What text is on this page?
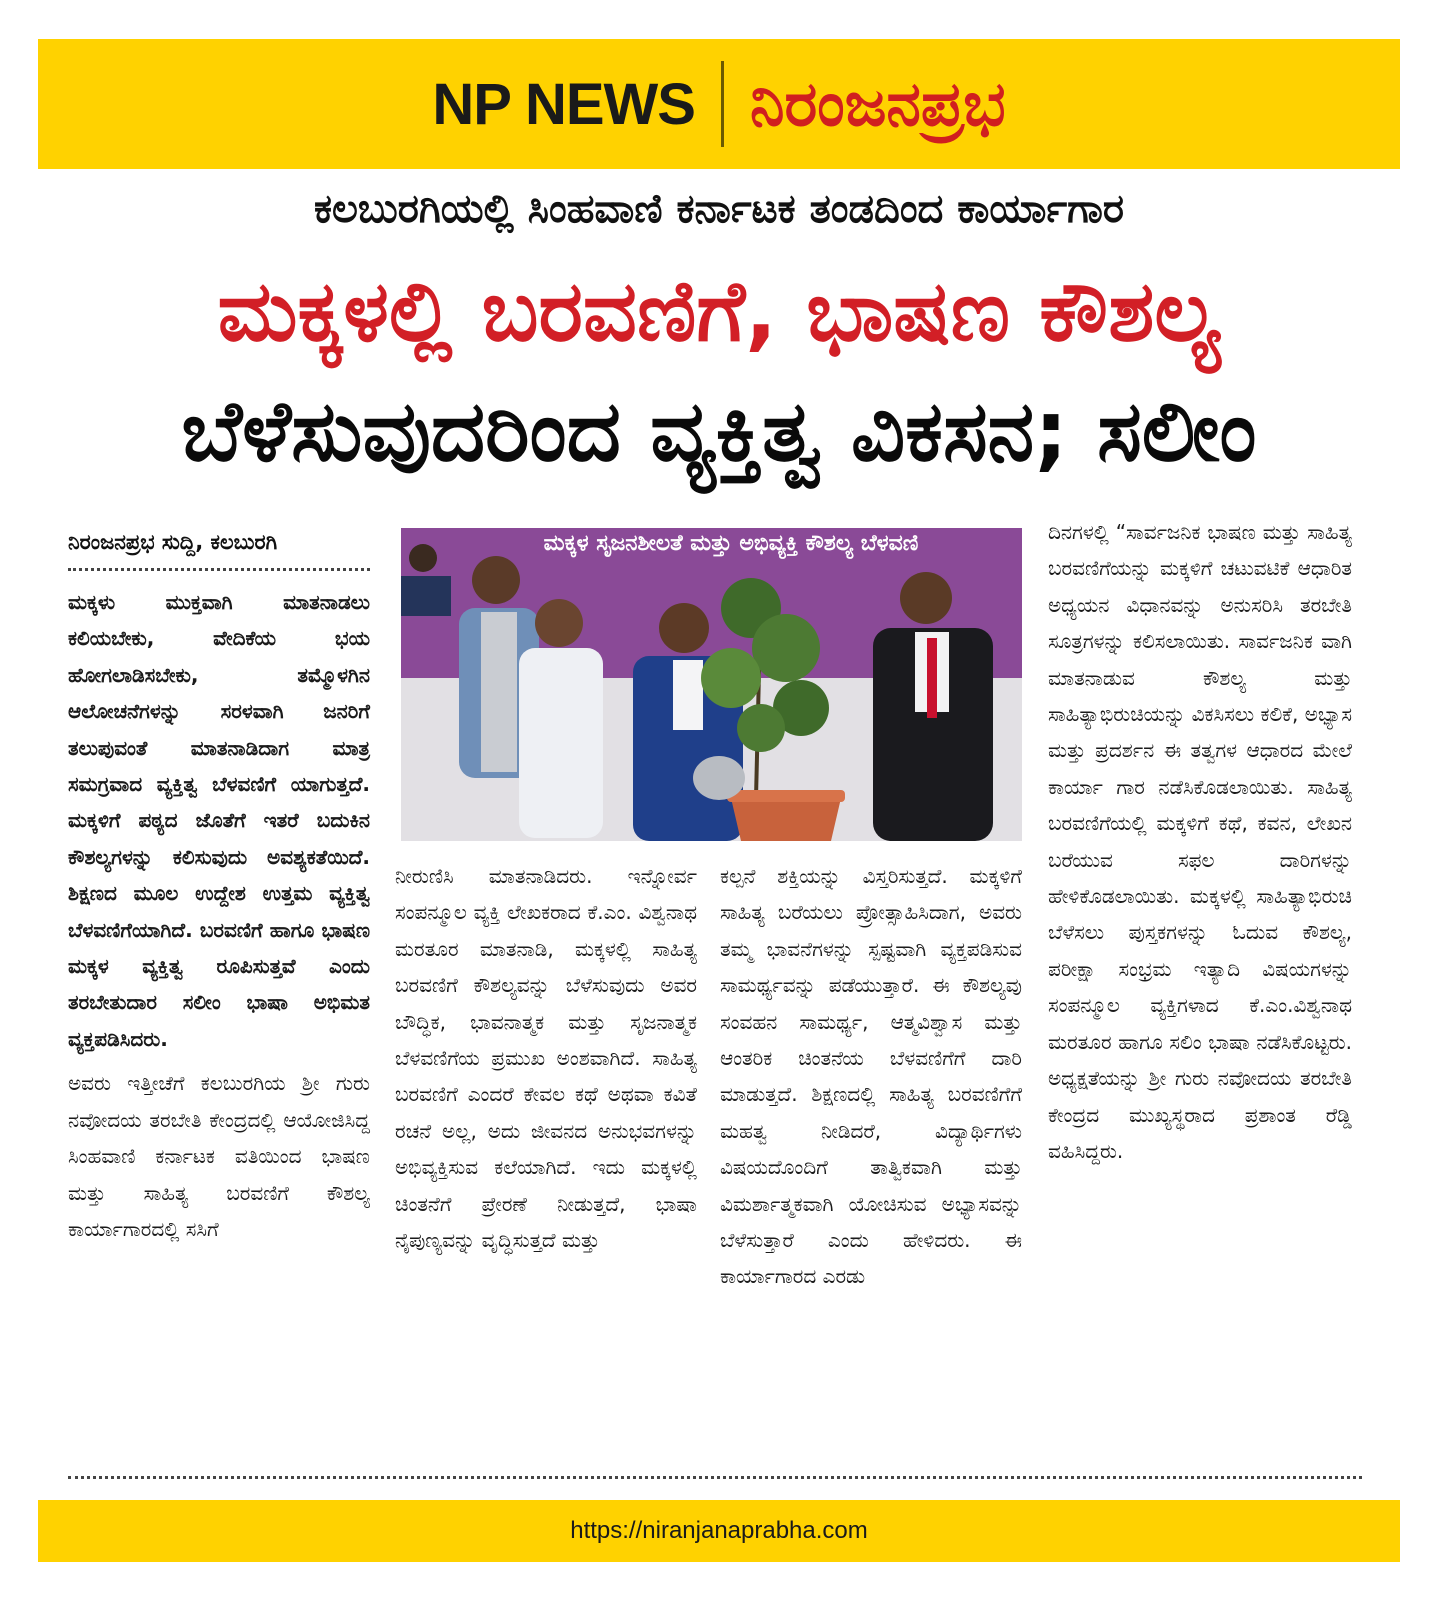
NP NEWS ನಿರಂಜನಪ್ರಭ
ಕಲಬುರಗಿಯಲ್ಲಿ ಸಿಂಹವಾಣಿ ಕರ್ನಾಟಕ ತಂಡದಿಂದ ಕಾರ್ಯಾಗಾರ
ಮಕ್ಕಳಲ್ಲಿ ಬರವಣಿಗೆ, ಭಾಷಣ ಕೌಶಲ್ಯ
ಬೆಳೆಸುವುದರಿಂದ ವ್ಯಕ್ತಿತ್ವ ವಿಕಸನ; ಸಲೀಂ
ನಿರಂಜನಪ್ರಭ ಸುದ್ದಿ, ಕಲಬುರಗಿ

ಮಕ್ಕಳು ಮುಕ್ತವಾಗಿ ಮಾತನಾಡಲು ಕಲಿಯಬೇಕು, ವೇದಿಕೆಯ ಭಯ ಹೋಗಲಾಡಿಸಬೇಕು, ತಮ್ಮೊಳಗಿನ ಆಲೋಚನೆಗಳನ್ನು ಸರಳವಾಗಿ ಜನರಿಗೆ ತಲುಪುವಂತೆ ಮಾತನಾಡಿದಾಗ ಮಾತ್ರ ಸಮಗ್ರವಾದ ವ್ಯಕ್ತಿತ್ವ ಬೆಳವಣಿಗೆ ಯಾಗುತ್ತದೆ. ಮಕ್ಕಳಿಗೆ ಪಠ್ಯದ ಜೊತೆಗೆ ಇತರೆ ಬದುಕಿನ ಕೌಶಲ್ಯಗಳನ್ನು ಕಲಿಸುವುದು ಅವಶ್ಯಕತೆಯಿದೆ. ಶಿಕ್ಷಣದ ಮೂಲ ಉದ್ದೇಶ ಉತ್ತಮ ವ್ಯಕ್ತಿತ್ವ ಬೆಳವಣಿಗೆಯಾಗಿದೆ. ಬರವಣಿಗೆ ಹಾಗೂ ಭಾಷಣ ಮಕ್ಕಳ ವ್ಯಕ್ತಿತ್ವ ರೂಪಿಸುತ್ತವೆ ಎಂದು ತರಬೇತುದಾರ ಸಲೀಂ ಭಾಷಾ ಅಭಿಮತ ವ್ಯಕ್ತಪಡಿಸಿದರು.

ಅವರು ಇತ್ತೀಚೆಗೆ ಕಲಬುರಗಿಯ ಶ್ರೀ ಗುರು ನವೋದಯ ತರಬೇತಿ ಕೇಂದ್ರದಲ್ಲಿ ಆಯೋಜಿಸಿದ್ದ ಸಿಂಹವಾಣಿ ಕರ್ನಾಟಕ ವತಿಯಿಂದ ಭಾಷಣ ಮತ್ತು ಸಾಹಿತ್ಯ ಬರವಣಿಗೆ ಕೌಶಲ್ಯ ಕಾರ್ಯಾಗಾರದಲ್ಲಿ ಸಸಿಗೆ

ಮಕ್ಕಳ ಸೃಜನಶೀಲತೆ ಮತ್ತು ಅಭಿವ್ಯಕ್ತಿ ಕೌಶಲ್ಯ ಬೆಳವಣಿ

ನೀರುಣಿಸಿ ಮಾತನಾಡಿದರು. ಇನ್ನೋರ್ವ ಸಂಪನ್ಮೂಲ ವ್ಯಕ್ತಿ ಲೇಖಕರಾದ ಕೆ.ಎಂ. ವಿಶ್ವನಾಥ ಮರತೂರ ಮಾತನಾಡಿ, ಮಕ್ಕಳಲ್ಲಿ ಸಾಹಿತ್ಯ ಬರವಣಿಗೆ ಕೌಶಲ್ಯವನ್ನು ಬೆಳೆಸುವುದು ಅವರ ಬೌದ್ಧಿಕ, ಭಾವನಾತ್ಮಕ ಮತ್ತು ಸೃಜನಾತ್ಮಕ ಬೆಳವಣಿಗೆಯ ಪ್ರಮುಖ ಅಂಶವಾಗಿದೆ. ಸಾಹಿತ್ಯ ಬರವಣಿಗೆ ಎಂದರೆ ಕೇವಲ ಕಥೆ ಅಥವಾ ಕವಿತೆ ರಚನೆ ಅಲ್ಲ, ಅದು ಜೀವನದ ಅನುಭವಗಳನ್ನು ಅಭಿವ್ಯಕ್ತಿಸುವ ಕಲೆಯಾಗಿದೆ. ಇದು ಮಕ್ಕಳಲ್ಲಿ ಚಿಂತನೆಗೆ ಪ್ರೇರಣೆ ನೀಡುತ್ತದೆ, ಭಾಷಾ ನೈಪುಣ್ಯವನ್ನು ವೃದ್ಧಿಸುತ್ತದೆ ಮತ್ತು

ಕಲ್ಪನೆ ಶಕ್ತಿಯನ್ನು ವಿಸ್ತರಿಸುತ್ತದೆ. ಮಕ್ಕಳಿಗೆ ಸಾಹಿತ್ಯ ಬರೆಯಲು ಪ್ರೋತ್ಸಾಹಿಸಿದಾಗ, ಅವರು ತಮ್ಮ ಭಾವನೆಗಳನ್ನು ಸ್ಪಷ್ಟವಾಗಿ ವ್ಯಕ್ತಪಡಿಸುವ ಸಾಮರ್ಥ್ಯವನ್ನು ಪಡೆಯುತ್ತಾರೆ. ಈ ಕೌಶಲ್ಯವು ಸಂವಹನ ಸಾಮರ್ಥ್ಯ, ಆತ್ಮವಿಶ್ವಾಸ ಮತ್ತು ಆಂತರಿಕ ಚಿಂತನೆಯ ಬೆಳವಣಿಗೆಗೆ ದಾರಿ ಮಾಡುತ್ತದೆ. ಶಿಕ್ಷಣದಲ್ಲಿ ಸಾಹಿತ್ಯ ಬರವಣಿಗೆಗೆ ಮಹತ್ವ ನೀಡಿದರೆ, ವಿದ್ಯಾರ್ಥಿಗಳು ವಿಷಯದೊಂದಿಗೆ ತಾತ್ವಿಕವಾಗಿ ಮತ್ತು ವಿಮರ್ಶಾತ್ಮಕವಾಗಿ ಯೋಚಿಸುವ ಅಭ್ಯಾಸವನ್ನು ಬೆಳೆಸುತ್ತಾರೆ ಎಂದು ಹೇಳಿದರು. ಈ ಕಾರ್ಯಾಗಾರದ ಎರಡು

ದಿನಗಳಲ್ಲಿ “ಸಾರ್ವಜನಿಕ ಭಾಷಣ ಮತ್ತು ಸಾಹಿತ್ಯ ಬರವಣಿಗೆಯನ್ನು ಮಕ್ಕಳಿಗೆ ಚಟುವಟಿಕೆ ಆಧಾರಿತ ಅಧ್ಯಯನ ವಿಧಾನವನ್ನು ಅನುಸರಿಸಿ ತರಬೇತಿ ಸೂತ್ರಗಳನ್ನು ಕಲಿಸಲಾಯಿತು. ಸಾರ್ವಜನಿಕ ವಾಗಿ ಮಾತನಾಡುವ ಕೌಶಲ್ಯ ಮತ್ತು ಸಾಹಿತ್ಯಾಭಿರುಚಿಯನ್ನು ವಿಕಸಿಸಲು ಕಲಿಕೆ, ಅಭ್ಯಾಸ ಮತ್ತು ಪ್ರದರ್ಶನ ಈ ತತ್ವಗಳ ಆಧಾರದ ಮೇಲೆ ಕಾರ್ಯಾ ಗಾರ ನಡೆಸಿಕೊಡಲಾಯಿತು. ಸಾಹಿತ್ಯ ಬರವಣಿಗೆಯಲ್ಲಿ ಮಕ್ಕಳಿಗೆ ಕಥೆ, ಕವನ, ಲೇಖನ ಬರೆಯುವ ಸಫಲ ದಾರಿಗಳನ್ನು ಹೇಳಿಕೊಡಲಾಯಿತು. ಮಕ್ಕಳಲ್ಲಿ ಸಾಹಿತ್ಯಾಭಿರುಚಿ ಬೆಳೆಸಲು ಪುಸ್ತಕಗಳನ್ನು ಓದುವ ಕೌಶಲ್ಯ, ಪರೀಕ್ಷಾ ಸಂಭ್ರಮ ಇತ್ಯಾದಿ ವಿಷಯಗಳನ್ನು ಸಂಪನ್ಮೂಲ ವ್ಯಕ್ತಿಗಳಾದ ಕೆ.ಎಂ.ವಿಶ್ವನಾಥ ಮರತೂರ ಹಾಗೂ ಸಲಿಂ ಭಾಷಾ ನಡೆಸಿಕೊಟ್ಟರು. ಅಧ್ಯಕ್ಷತೆಯನ್ನು ಶ್ರೀ ಗುರು ನವೋದಯ ತರಬೇತಿ ಕೇಂದ್ರದ ಮುಖ್ಯಸ್ಥರಾದ ಪ್ರಶಾಂತ ರೆಡ್ಡಿ ವಹಿಸಿದ್ದರು.

https://niranjanaprabha.com
